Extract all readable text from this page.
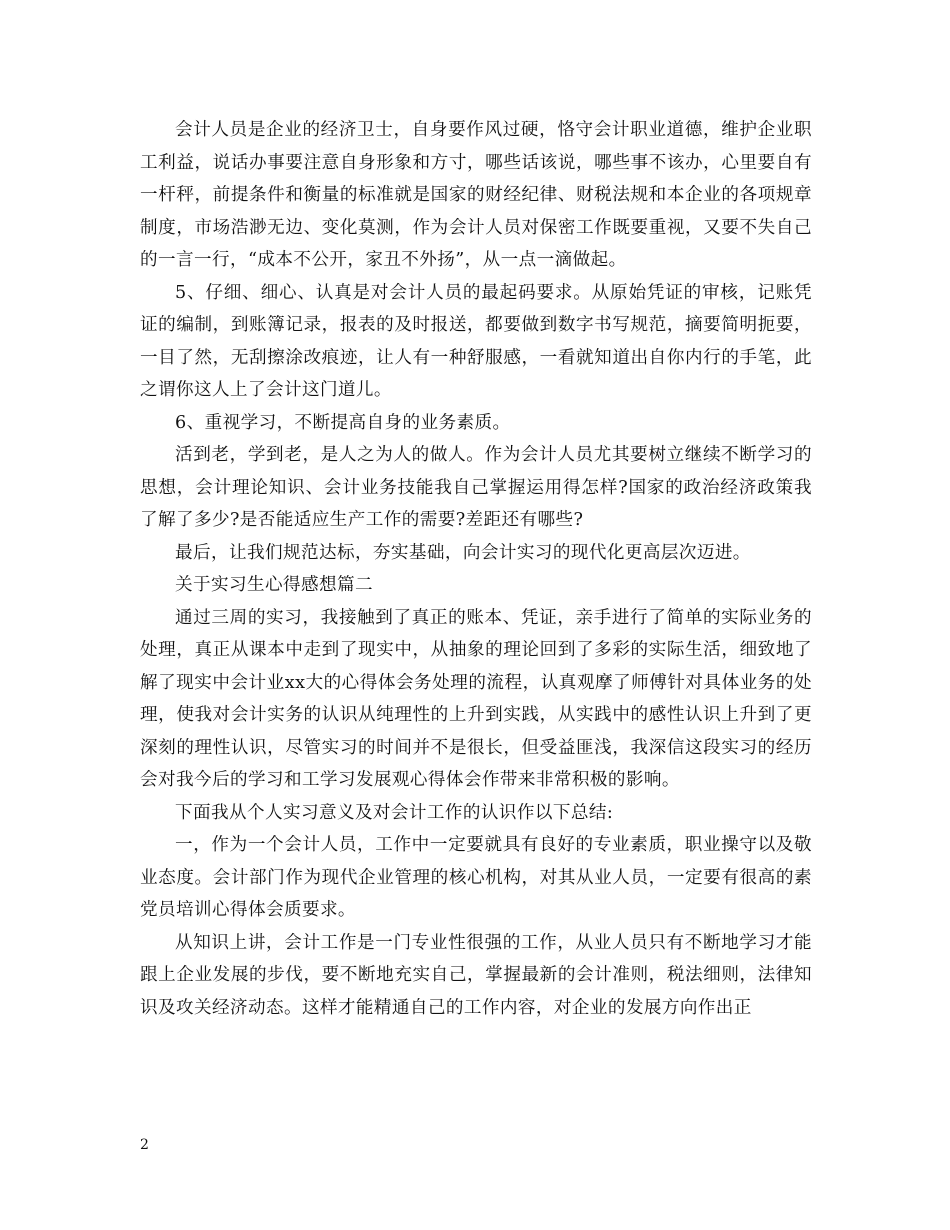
会计人员是企业的经济卫士，自身要作风过硬，恪守会计职业道德，维护企业职工利益，说话办事要注意自身形象和方寸，哪些话该说，哪些事不该办，心里要自有一杆秤，前提条件和衡量的标准就是国家的财经纪律、财税法规和本企业的各项规章制度，市场浩渺无边、变化莫测，作为会计人员对保密工作既要重视，又要不失自己的一言一行，“成本不公开，家丑不外扬”，从一点一滴做起。

5、仔细、细心、认真是对会计人员的最起码要求。从原始凭证的审核，记账凭证的编制，到账簿记录，报表的及时报送，都要做到数字书写规范，摘要简明扼要，一目了然，无刮擦涂改痕迹，让人有一种舒服感，一看就知道出自你内行的手笔，此之谓你这人上了会计这门道儿。

6、重视学习，不断提高自身的业务素质。

活到老，学到老，是人之为人的做人。作为会计人员尤其要树立继续不断学习的思想，会计理论知识、会计业务技能我自己掌握运用得怎样?国家的政治经济政策我了解了多少?是否能适应生产工作的需要?差距还有哪些?

最后，让我们规范达标，夯实基础，向会计实习的现代化更高层次迈进。

关于实习生心得感想篇二

通过三周的实习，我接触到了真正的账本、凭证，亲手进行了简单的实际业务的处理，真正从课本中走到了现实中，从抽象的理论回到了多彩的实际生活，细致地了解了现实中会计业xx大的心得体会务处理的流程，认真观摩了师傅针对具体业务的处理，使我对会计实务的认识从纯理性的上升到实践，从实践中的感性认识上升到了更深刻的理性认识，尽管实习的时间并不是很长，但受益匪浅，我深信这段实习的经历会对我今后的学习和工学习发展观心得体会作带来非常积极的影响。

下面我从个人实习意义及对会计工作的认识作以下总结:

一，作为一个会计人员，工作中一定要就具有良好的专业素质，职业操守以及敬业态度。会计部门作为现代企业管理的核心机构，对其从业人员，一定要有很高的素党员培训心得体会质要求。

从知识上讲，会计工作是一门专业性很强的工作，从业人员只有不断地学习才能跟上企业发展的步伐，要不断地充实自己，掌握最新的会计准则，税法细则，法律知识及攻关经济动态。这样才能精通自己的工作内容，对企业的发展方向作出正

2
